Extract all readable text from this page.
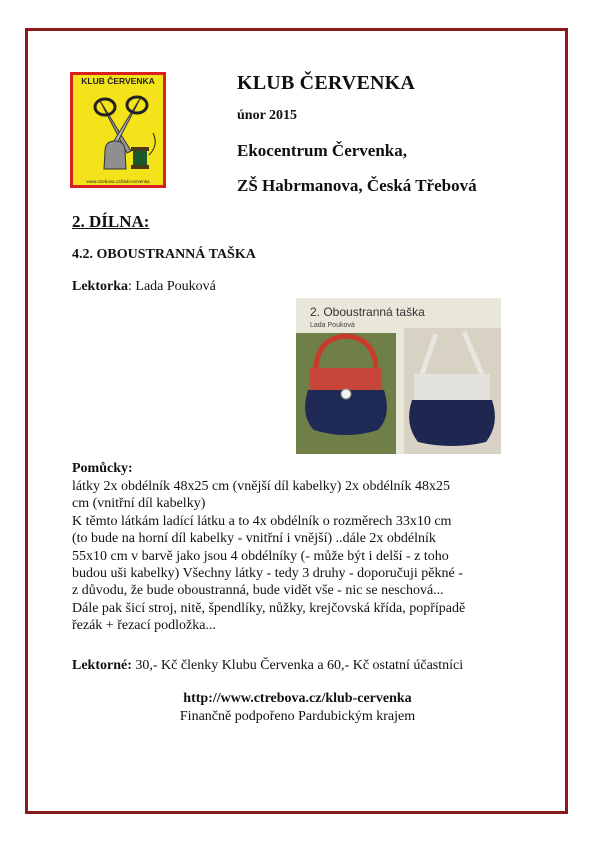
KLUB ČERVENKA
www.ctrebova.cz/klub-cervenka
KLUB ČERVENKA
únor 2015
Ekocentrum Červenka,
ZŠ Habrmanova, Česká Třebová
2. DÍLNA:
4.2. OBOUSTRANNÁ TAŠKA
Lektorka: Lada Pouková
2. Oboustranná taška
Lada Pouková
Pomůcky:
látky 2x obdélník 48x25 cm (vnější díl kabelky) 2x obdélník 48x25
cm (vnitřní díl kabelky)
K těmto látkám ladící látku a to 4x obdélník o rozměrech 33x10 cm
(to bude na horní díl kabelky - vnitřní i vnější) ..dále 2x obdélník
55x10 cm v barvě jako jsou 4 obdélníky (- může být i delší - z toho
budou uši kabelky) Všechny látky - tedy 3 druhy - doporučuji pěkné -
z důvodu, že bude oboustranná, bude vidět vše - nic se neschová...
Dále pak šicí stroj, nitě, špendlíky, nůžky, krejčovská křída, popřípadě
řezák + řezací podložka...
Lektorné: 30,- Kč členky Klubu Červenka a 60,- Kč ostatní účastníci
http://www.ctrebova.cz/klub-cervenka
Finančně podpořeno Pardubickým krajem
